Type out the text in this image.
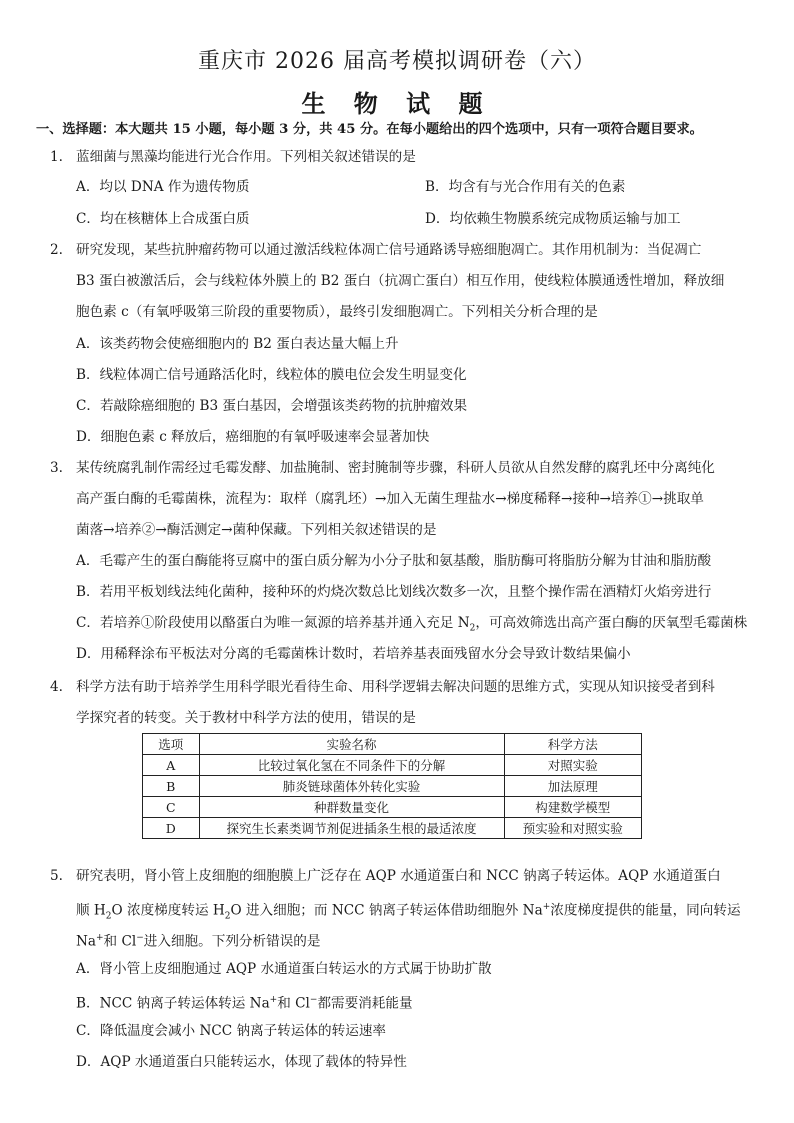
重庆市 2026 届高考模拟调研卷（六）
生 物 试 题
一、选择题：本大题共 15 小题，每小题 3 分，共 45 分。在每小题给出的四个选项中，只有一项符合题目要求。
1. 蓝细菌与黑藻均能进行光合作用。下列相关叙述错误的是
A．均以 DNA 作为遗传物质	B．均含有与光合作用有关的色素
C．均在核糖体上合成蛋白质	D．均依赖生物膜系统完成物质运输与加工
2. 研究发现，某些抗肿瘤药物可以通过激活线粒体凋亡信号通路诱导癌细胞凋亡。其作用机制为：当促凋亡
B3 蛋白被激活后，会与线粒体外膜上的 B2 蛋白（抗凋亡蛋白）相互作用，使线粒体膜通透性增加，释放细
胞色素 c（有氧呼吸第三阶段的重要物质），最终引发细胞凋亡。下列相关分析合理的是
A．该类药物会使癌细胞内的 B2 蛋白表达量大幅上升
B．线粒体凋亡信号通路活化时，线粒体的膜电位会发生明显变化
C．若敲除癌细胞的 B3 蛋白基因，会增强该类药物的抗肿瘤效果
D．细胞色素 c 释放后，癌细胞的有氧呼吸速率会显著加快
3. 某传统腐乳制作需经过毛霉发酵、加盐腌制、密封腌制等步骤，科研人员欲从自然发酵的腐乳坯中分离纯化
高产蛋白酶的毛霉菌株，流程为：取样（腐乳坯）→加入无菌生理盐水→梯度稀释→接种→培养①→挑取单
菌落→培养②→酶活测定→菌种保藏。下列相关叙述错误的是
A．毛霉产生的蛋白酶能将豆腐中的蛋白质分解为小分子肽和氨基酸，脂肪酶可将脂肪分解为甘油和脂肪酸
B．若用平板划线法纯化菌种，接种环的灼烧次数总比划线次数多一次，且整个操作需在酒精灯火焰旁进行
C．若培养①阶段使用以酪蛋白为唯一氮源的培养基并通入充足 $N_2$，可高效筛选出高产蛋白酶的厌氧型毛霉菌株
D．用稀释涂布平板法对分离的毛霉菌株计数时，若培养基表面残留水分会导致计数结果偏小
4. 科学方法有助于培养学生用科学眼光看待生命、用科学逻辑去解决问题的思维方式，实现从知识接受者到科
学探究者的转变。关于教材中科学方法的使用，错误的是
选项	实验名称	科学方法
A	比较过氧化氢在不同条件下的分解	对照实验
B	肺炎链球菌体外转化实验	加法原理
C	种群数量变化	构建数学模型
D	探究生长素类调节剂促进插条生根的最适浓度	预实验和对照实验
5. 研究表明，肾小管上皮细胞的细胞膜上广泛存在 AQP 水通道蛋白和 NCC 钠离子转运体。AQP 水通道蛋白
顺 $H_2O$ 浓度梯度转运 $H_2O$ 进入细胞；而 NCC 钠离子转运体借助细胞外 Na+浓度梯度提供的能量，同向转运
Na+和 Cl−进入细胞。下列分析错误的是
A．肾小管上皮细胞通过 AQP 水通道蛋白转运水的方式属于协助扩散
B．NCC 钠离子转运体转运 Na+和 Cl−都需要消耗能量
C．降低温度会减小 NCC 钠离子转运体的转运速率
D．AQP 水通道蛋白只能转运水，体现了载体的特异性
